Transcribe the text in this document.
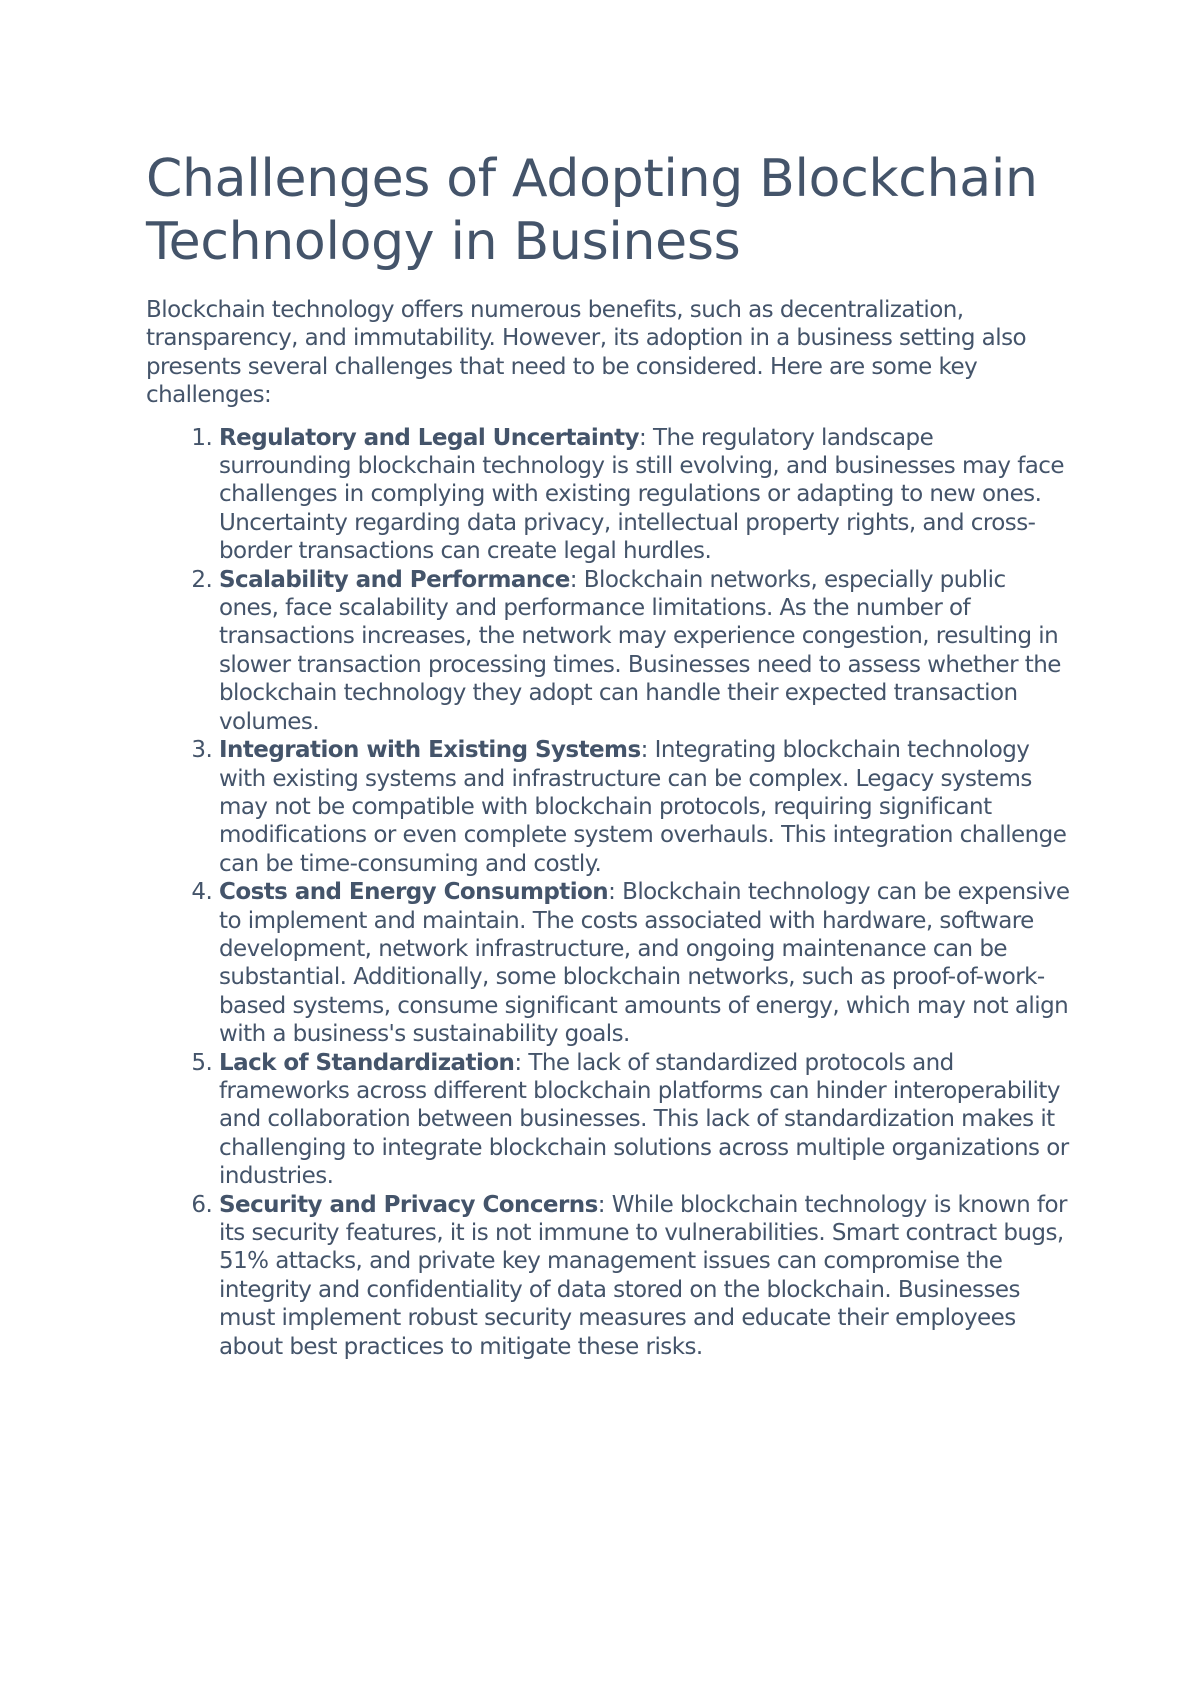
Challenges of Adopting Blockchain Technology in Business

Blockchain technology offers numerous benefits, such as decentralization, transparency, and immutability. However, its adoption in a business setting also presents several challenges that need to be considered. Here are some key challenges:

1. Regulatory and Legal Uncertainty: The regulatory landscape surrounding blockchain technology is still evolving, and businesses may face challenges in complying with existing regulations or adapting to new ones. Uncertainty regarding data privacy, intellectual property rights, and cross-border transactions can create legal hurdles.
2. Scalability and Performance: Blockchain networks, especially public ones, face scalability and performance limitations. As the number of transactions increases, the network may experience congestion, resulting in slower transaction processing times. Businesses need to assess whether the blockchain technology they adopt can handle their expected transaction volumes.
3. Integration with Existing Systems: Integrating blockchain technology with existing systems and infrastructure can be complex. Legacy systems may not be compatible with blockchain protocols, requiring significant modifications or even complete system overhauls. This integration challenge can be time-consuming and costly.
4. Costs and Energy Consumption: Blockchain technology can be expensive to implement and maintain. The costs associated with hardware, software development, network infrastructure, and ongoing maintenance can be substantial. Additionally, some blockchain networks, such as proof-of-work-based systems, consume significant amounts of energy, which may not align with a business's sustainability goals.
5. Lack of Standardization: The lack of standardized protocols and frameworks across different blockchain platforms can hinder interoperability and collaboration between businesses. This lack of standardization makes it challenging to integrate blockchain solutions across multiple organizations or industries.
6. Security and Privacy Concerns: While blockchain technology is known for its security features, it is not immune to vulnerabilities. Smart contract bugs, 51% attacks, and private key management issues can compromise the integrity and confidentiality of data stored on the blockchain. Businesses must implement robust security measures and educate their employees about best practices to mitigate these risks.
